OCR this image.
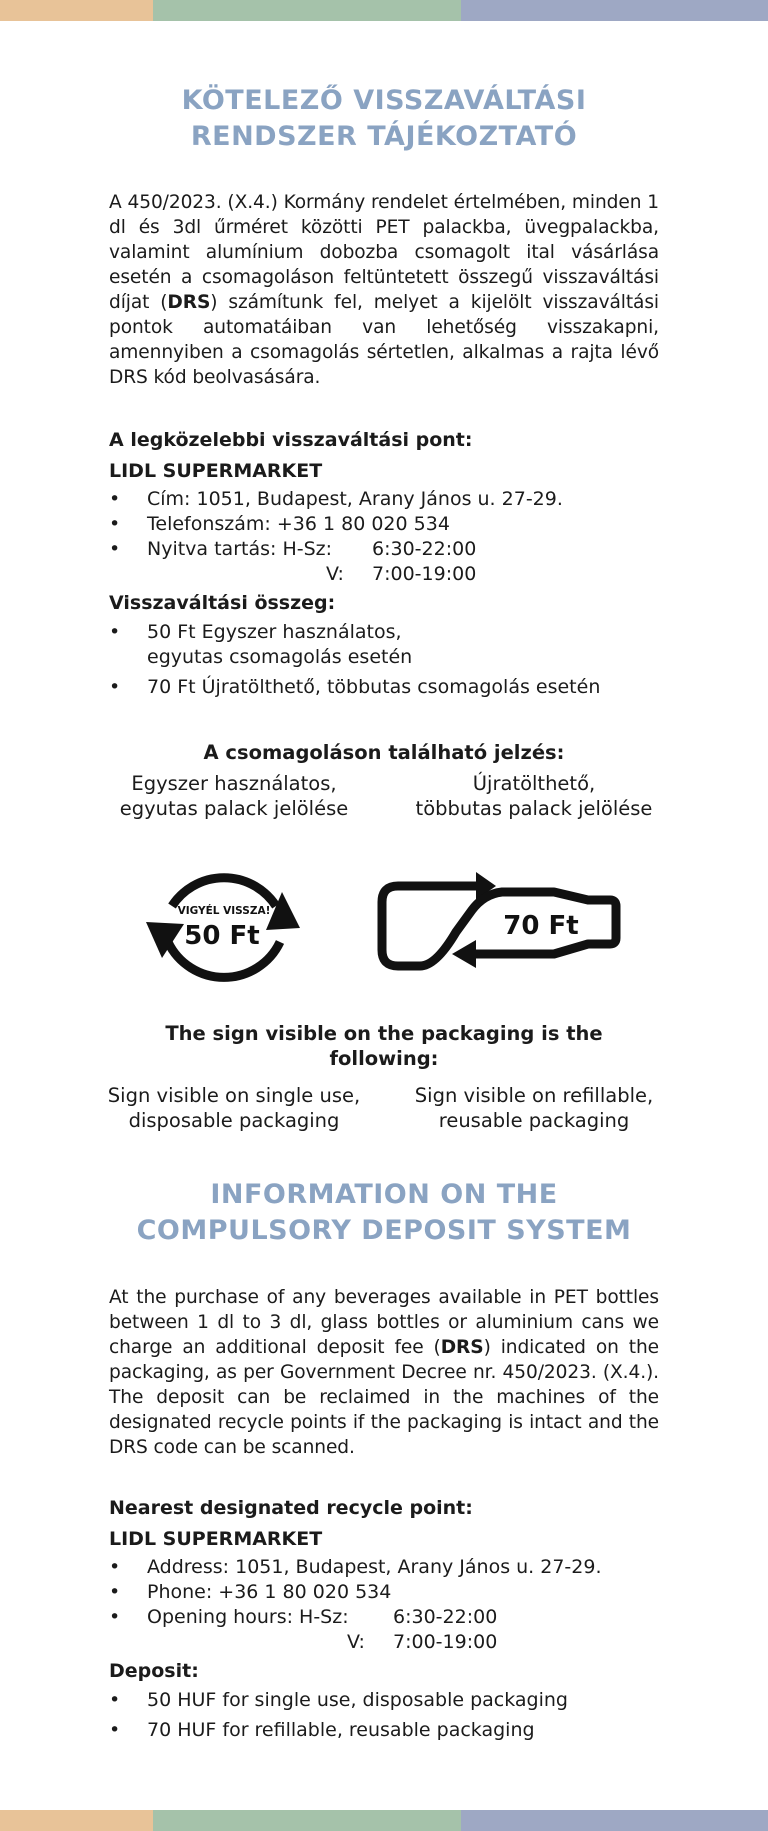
KÖTELEZŐ VISSZAVÁLTÁSI
RENDSZER TÁJÉKOZTATÓ

A 450/2023. (X.4.) Kormány rendelet értelmében, minden 1 dl és 3dl űrméret közötti PET palackba, üvegpalackba, valamint alumínium dobozba csomagolt ital vásárlása esetén a csomagoláson feltüntetett összegű visszaváltási díjat (DRS) számítunk fel, melyet a kijelölt visszaváltási pontok automatáiban van lehetőség visszakapni, amennyiben a csomagolás sértetlen, alkalmas a rajta lévő DRS kód beolvasására.

A legközelebbi visszaváltási pont:

LIDL SUPERMARKET

• Cím: 1051, Budapest, Arany János u. 27-29.
• Telefonszám: +36 1 80 020 534
• Nyitva tartás: H-Sz: 6:30-22:00
V: 7:00-19:00

Visszaváltási összeg:

• 50 Ft Egyszer használatos,
egyutas csomagolás esetén
• 70 Ft Újratölthető, többutas csomagolás esetén

A csomagoláson található jelzés:

Egyszer használatos,
egyutas palack jelölése
Újratölthető,
többutas palack jelölése
VIGYÉL VISSZA!
50 Ft	70 Ft

The sign visible on the packaging is the following:

Sign visible on single use,
disposable packaging
Sign visible on refillable,
reusable packaging
INFORMATION ON THE
COMPULSORY DEPOSIT SYSTEM

At the purchase of any beverages available in PET bottles between 1 dl to 3 dl, glass bottles or aluminium cans we charge an additional deposit fee (DRS) indicated on the packaging, as per Government Decree nr. 450/2023. (X.4.). The deposit can be reclaimed in the machines of the designated recycle points if the packaging is intact and the DRS code can be scanned.

Nearest designated recycle point:

LIDL SUPERMARKET

• Address: 1051, Budapest, Arany János u. 27-29.
• Phone: +36 1 80 020 534
• Opening hours: H-Sz: 6:30-22:00
V: 7:00-19:00

Deposit:

• 50 HUF for single use, disposable packaging
• 70 HUF for refillable, reusable packaging
